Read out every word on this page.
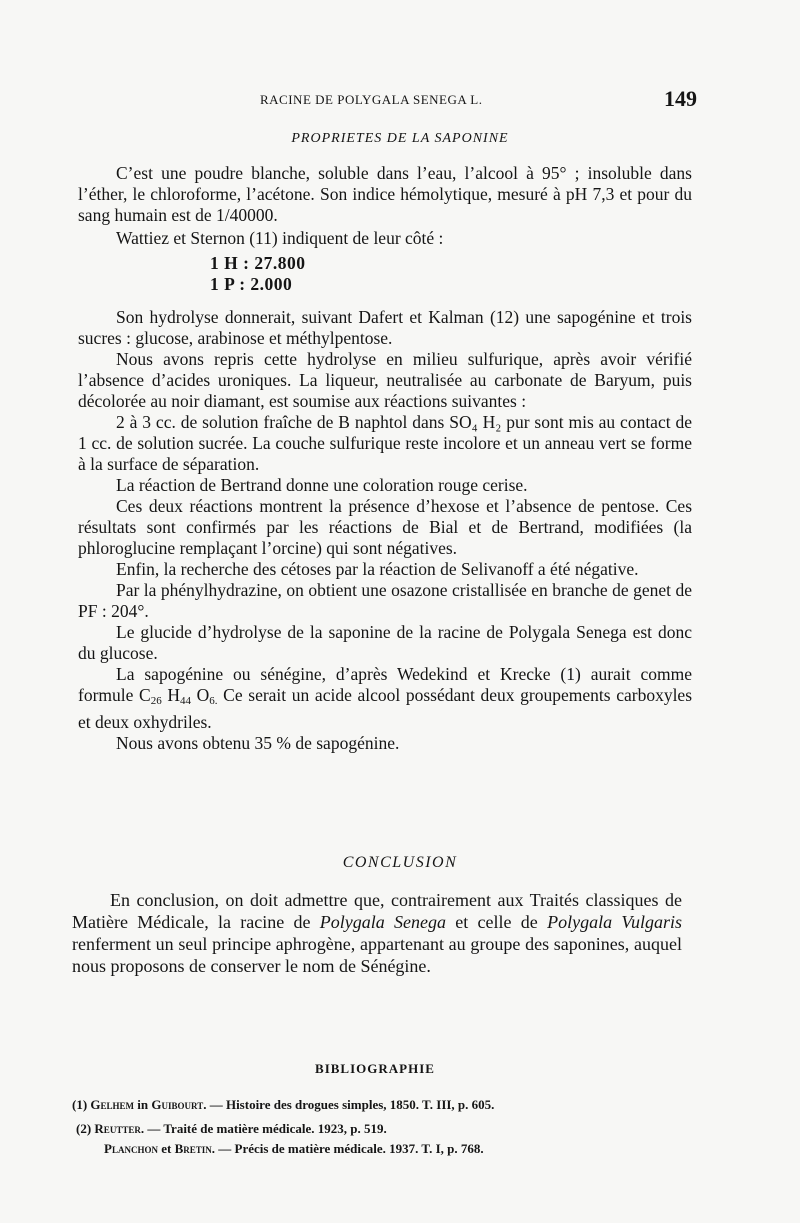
RACINE DE POLYGALA SENEGA L.	149
PROPRIETES DE LA SAPONINE

C’est une poudre blanche, soluble dans l’eau, l’alcool à 95° ; insoluble dans l’éther, le chloroforme, l’acétone. Son indice hémolytique, mesuré à pH 7,3 et pour du sang humain est de 1/40000.

Wattiez et Sternon (11) indiquent de leur côté :

1 H : 27.800
1 P : 2.000

Son hydrolyse donnerait, suivant Dafert et Kalman (12) une sapogénine et trois sucres : glucose, arabinose et méthylpentose.

Nous avons repris cette hydrolyse en milieu sulfurique, après avoir vérifié l’absence d’acides uroniques. La liqueur, neutralisée au carbonate de Baryum, puis décolorée au noir diamant, est soumise aux réactions suivantes :

2 à 3 cc. de solution fraîche de B naphtol dans SO₄ H₂ pur sont mis au contact de 1 cc. de solution sucrée. La couche sulfurique reste incolore et un anneau vert se forme à la surface de séparation.

La réaction de Bertrand donne une coloration rouge cerise.

Ces deux réactions montrent la présence d’hexose et l’absence de pentose. Ces résultats sont confirmés par les réactions de Bial et de Bertrand, modifiées (la phloroglucine remplaçant l’orcine) qui sont négatives.

Enfin, la recherche des cétoses par la réaction de Selivanoff a été négative.

Par la phénylhydrazine, on obtient une osazone cristallisée en branche de genet de PF : 204°.

Le glucide d’hydrolyse de la saponine de la racine de Polygala Senega est donc du glucose.

La sapogénine ou sénégine, d’après Wedekind et Krecke (1) aurait comme formule $C_{26}$ $H_{44}$ $O_{6.}$ Ce serait un acide alcool possédant deux groupements carboxyles et deux oxhydriles.

Nous avons obtenu 35 % de sapogénine.

CONCLUSION

En conclusion, on doit admettre que, contrairement aux Traités classiques de Matière Médicale, la racine de Polygala Senega et celle de Polygala Vulgaris renferment un seul principe aphrogène, appartenant au groupe des saponines, auquel nous proposons de conserver le nom de Sénégine.

BIBLIOGRAPHIE
(1) Gelhem in Guibourt. — Histoire des drogues simples, 1850. T. III, p. 605.
(2) Reutter. — Traité de matière médicale. 1923, p. 519.
Planchon et Bretin. — Précis de matière médicale. 1937. T. I, p. 768.
